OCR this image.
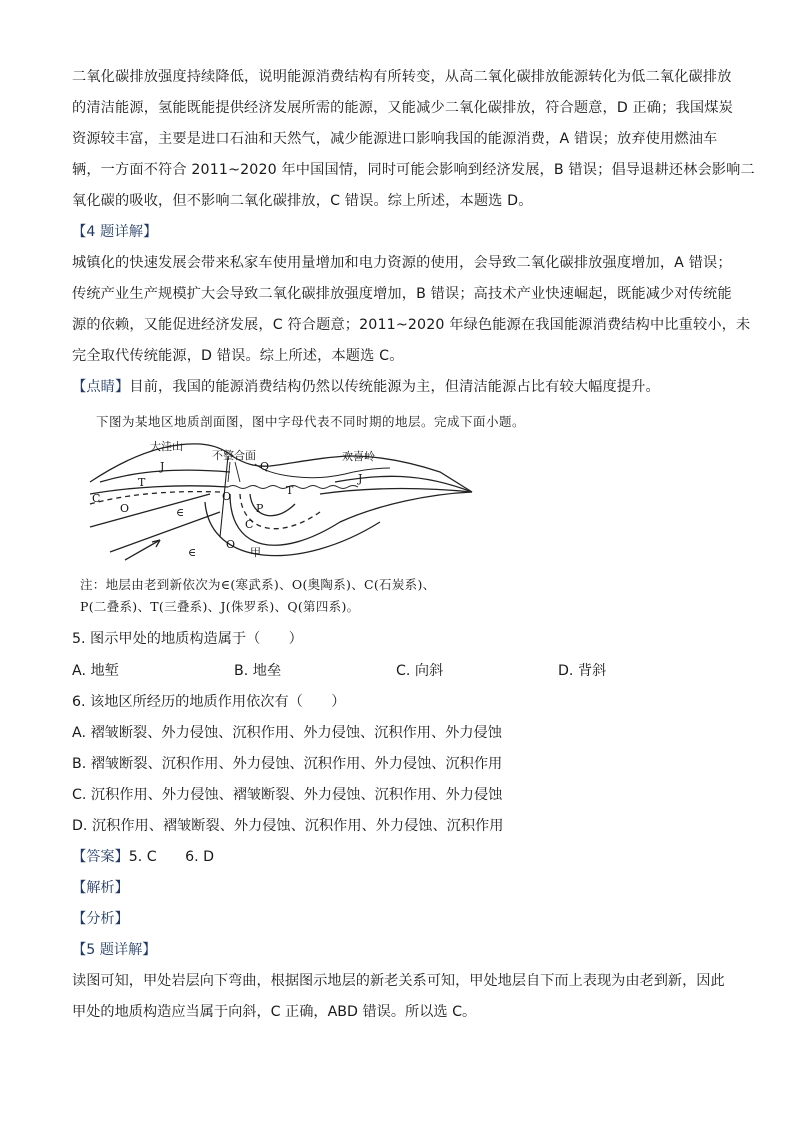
二氧化碳排放强度持续降低，说明能源消费结构有所转变，从高二氧化碳排放能源转化为低二氧化碳排放

的清洁能源，氢能既能提供经济发展所需的能源，又能减少二氧化碳排放，符合题意，D 正确；我国煤炭

资源较丰富，主要是进口石油和天然气，减少能源进口影响我国的能源消费，A 错误；放弃使用燃油车

辆，一方面不符合 2011~2020 年中国国情，同时可能会影响到经济发展，B 错误；倡导退耕还林会影响二

氧化碳的吸收，但不影响二氧化碳排放，C 错误。综上所述，本题选 D。

【4 题详解】

城镇化的快速发展会带来私家车使用量增加和电力资源的使用，会导致二氧化碳排放强度增加，A 错误；

传统产业生产规模扩大会导致二氧化碳排放强度增加，B 错误；高技术产业快速崛起，既能减少对传统能

源的依赖，又能促进经济发展，C 符合题意；2011~2020 年绿色能源在我国能源消费结构中比重较小，未

完全取代传统能源，D 错误。综上所述，本题选 C。

【点睛】目前，我国的能源消费结构仍然以传统能源为主，但清洁能源占比有较大幅度提升。

下图为某地区地质剖面图，图中字母代表不同时期的地层。完成下面小题。
大洼山
不整合面	欢喜岭
J	Q
J
T
T
C
O
O
∈	P
C
∈
O
甲
注：地层由老到新依次为∈(寒武系)、O(奥陶系)、C(石炭系)、
P(二叠系)、T(三叠系)、J(侏罗系)、Q(第四系)。
5. 图示甲处的地质构造属于（　　）
A. 地堑	B. 地垒	C. 向斜	D. 背斜
6. 该地区所经历的地质作用依次有（　　）
A. 褶皱断裂、外力侵蚀、沉积作用、外力侵蚀、沉积作用、外力侵蚀
B. 褶皱断裂、沉积作用、外力侵蚀、沉积作用、外力侵蚀、沉积作用
C. 沉积作用、外力侵蚀、褶皱断裂、外力侵蚀、沉积作用、外力侵蚀
D. 沉积作用、褶皱断裂、外力侵蚀、沉积作用、外力侵蚀、沉积作用
【答案】5. C　　6. D
【解析】
【分析】
【5 题详解】
读图可知，甲处岩层向下弯曲，根据图示地层的新老关系可知，甲处地层自下而上表现为由老到新，因此
甲处的地质构造应当属于向斜，C 正确，ABD 错误。所以选 C。
